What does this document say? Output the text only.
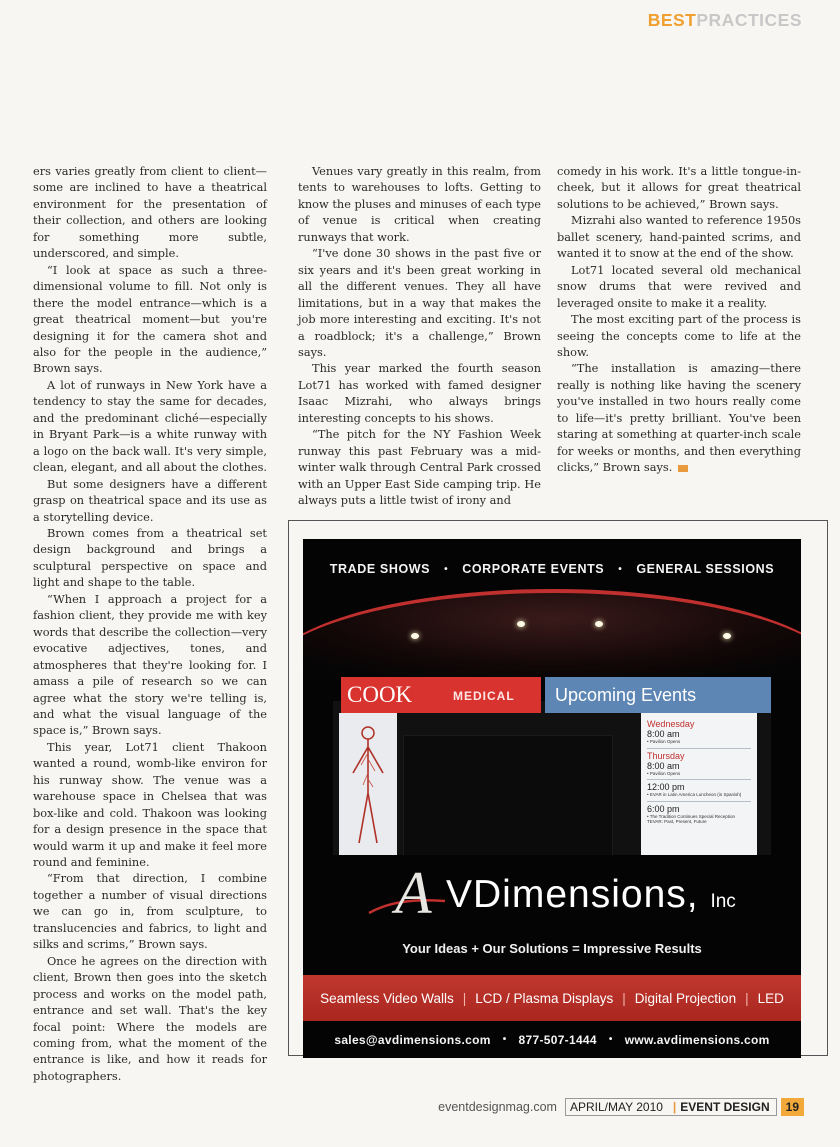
BESTPRACTICES

ers varies greatly from client to client—some are inclined to have a theatrical environment for the presentation of their collection, and others are looking for something more subtle, underscored, and simple.

“I look at space as such a three-dimensional volume to fill. Not only is there the model entrance—which is a great theatrical moment—but you're designing it for the camera shot and also for the people in the audience,” Brown says.

A lot of runways in New York have a tendency to stay the same for decades, and the predominant cliché—especially in Bryant Park—is a white runway with a logo on the back wall. It's very simple, clean, elegant, and all about the clothes.

But some designers have a different grasp on theatrical space and its use as a storytelling device.

Brown comes from a theatrical set design background and brings a sculptural perspective on space and light and shape to the table.

“When I approach a project for a fashion client, they provide me with key words that describe the collection—very evocative adjectives, tones, and atmospheres that they're looking for. I amass a pile of research so we can agree what the story we're telling is, and what the visual language of the space is,” Brown says.

This year, Lot71 client Thakoon wanted a round, womb-like environ for his runway show. The venue was a warehouse space in Chelsea that was box-like and cold. Thakoon was looking for a design presence in the space that would warm it up and make it feel more round and feminine.

“From that direction, I combine together a number of visual directions we can go in, from sculpture, to translucencies and fabrics, to light and silks and scrims,” Brown says.

Once he agrees on the direction with client, Brown then goes into the sketch process and works on the model path, entrance and set wall. That's the key focal point: Where the models are coming from, what the moment of the entrance is like, and how it reads for photographers.

Venues vary greatly in this realm, from tents to warehouses to lofts. Getting to know the pluses and minuses of each type of venue is critical when creating runways that work.

“I've done 30 shows in the past five or six years and it's been great working in all the different venues. They all have limitations, but in a way that makes the job more interesting and exciting. It's not a roadblock; it's a challenge,” Brown says.

This year marked the fourth season Lot71 has worked with famed designer Isaac Mizrahi, who always brings interesting concepts to his shows.

“The pitch for the NY Fashion Week runway this past February was a mid-winter walk through Central Park crossed with an Upper East Side camping trip. He always puts a little twist of irony and

comedy in his work. It's a little tongue-in-cheek, but it allows for great theatrical solutions to be achieved,” Brown says.

Mizrahi also wanted to reference 1950s ballet scenery, hand-painted scrims, and wanted it to snow at the end of the show.

Lot71 located several old mechanical snow drums that were revived and leveraged onsite to make it a reality.

The most exciting part of the process is seeing the concepts come to life at the show.

“The installation is amazing—there really is nothing like having the scenery you've installed in two hours really come to life—it's pretty brilliant. You've been staring at something at quarter-inch scale for weeks or months, and then everything clicks,” Brown says.

TRADE SHOWS • CORPORATE EVENTS • GENERAL SESSIONS
COOK	MEDICAL	Upcoming Events
Wednesday
8:00 am
• Pavilion Opens
Thursday
8:00 am
• Pavilion Opens
12:00 pm
• EVAR in Latin America Luncheon (in Spanish)
6:00 pm
• The Tradition Continues Special Reception TEVAR: Past, Present, Future
A VDimensions, Inc
Your Ideas + Our Solutions = Impressive Results
Seamless Video Walls | LCD / Plasma Displays | Digital Projection | LED
sales@avdimensions.com • 877-507-1444 • www.avdimensions.com
eventdesignmag.com	APRIL/MAY 2010 | EVENT DESIGN	19
